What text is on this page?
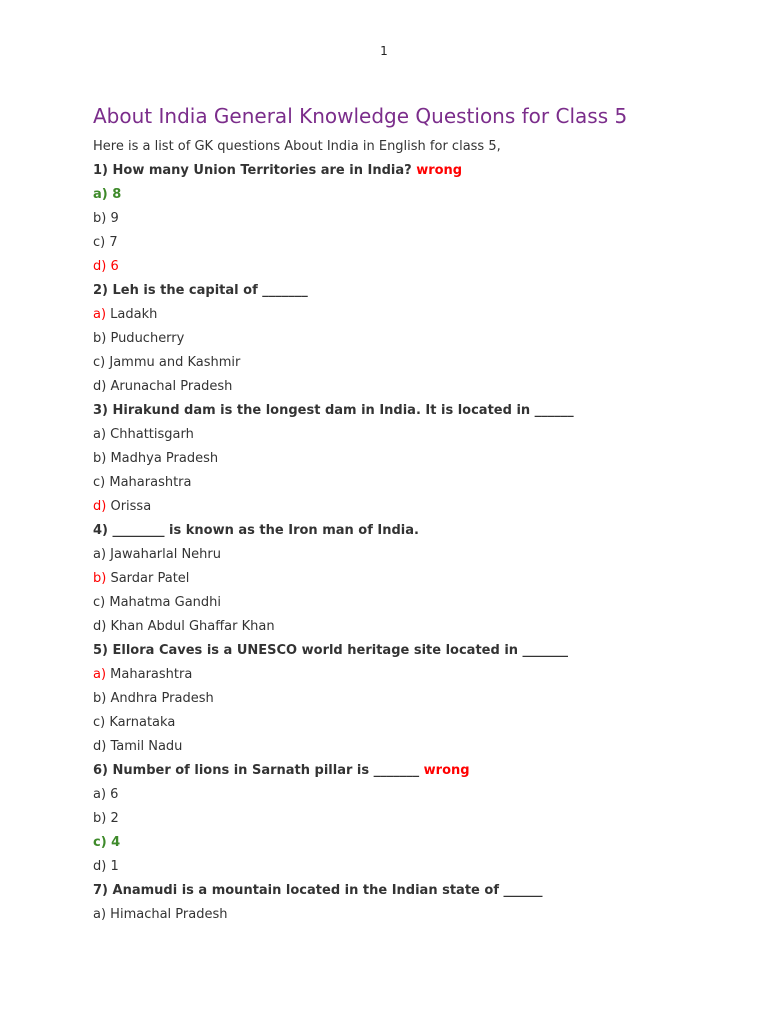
1
About India General Knowledge Questions for Class 5

Here is a list of GK questions About India in English for class 5,

1) How many Union Territories are in India? wrong

a) 8

b) 9

c) 7

d) 6

2) Leh is the capital of _______

a) Ladakh

b) Puducherry

c) Jammu and Kashmir

d) Arunachal Pradesh

3) Hirakund dam is the longest dam in India. It is located in ______

a) Chhattisgarh

b) Madhya Pradesh

c) Maharashtra

d) Orissa

4) ________ is known as the Iron man of India.

a) Jawaharlal Nehru

b) Sardar Patel

c) Mahatma Gandhi

d) Khan Abdul Ghaffar Khan

5) Ellora Caves is a UNESCO world heritage site located in _______

a) Maharashtra

b) Andhra Pradesh

c) Karnataka

d) Tamil Nadu

6) Number of lions in Sarnath pillar is _______ wrong

a) 6

b) 2

c) 4

d) 1

7) Anamudi is a mountain located in the Indian state of ______

a) Himachal Pradesh
